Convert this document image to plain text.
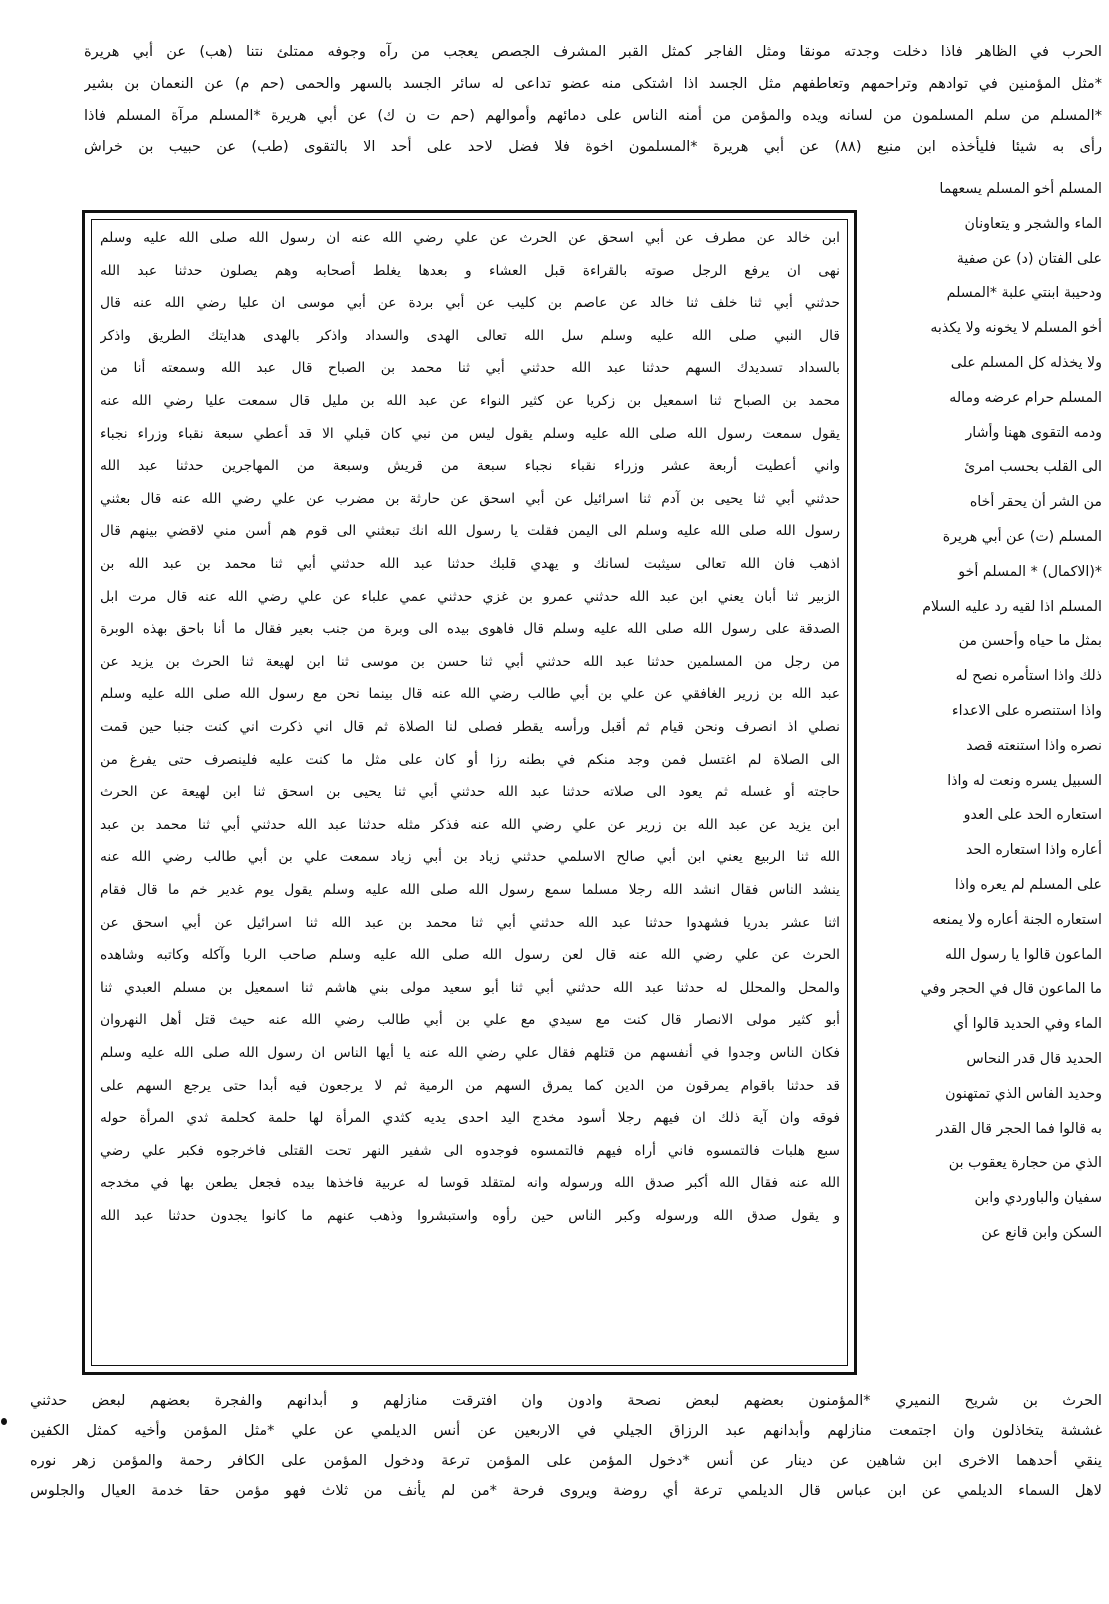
الحرب في الظاهر فاذا دخلت وجدته مونقا ومثل الفاجر كمثل القبر المشرف الجصص يعجب من رآه وجوفه ممتلئ نتنا (هب) عن أبي هريرة
*مثل المؤمنين في توادهم وتراحمهم وتعاطفهم مثل الجسد اذا اشتكى منه عضو تداعى له سائر الجسد بالسهر والحمى (حم م) عن النعمان بن بشير
*المسلم من سلم المسلمون من لسانه ويده والمؤمن من أمنه الناس على دمائهم وأموالهم (حم ت ن ك) عن أبي هريرة *المسلم مرآة المسلم فاذا
رأى به شيئا فليأخذه ابن منيع (٨٨) عن أبي هريرة *المسلمون اخوة فلا فضل لاحد على أحد الا بالتقوى (طب) عن حبيب بن خراش
ابن خالد عن مطرف عن أبي اسحق عن الحرث عن علي رضي الله عنه ان رسول الله صلى الله عليه وسلم
نهى ان يرفع الرجل صوته بالقراءة قبل العشاء و بعدها يغلط أصحابه وهم يصلون حدثنا عبد الله
حدثني أبي ثنا خلف ثنا خالد عن عاصم بن كليب عن أبي بردة عن أبي موسى ان عليا رضي الله عنه قال
قال النبي صلى الله عليه وسلم سل الله تعالى الهدى والسداد واذكر بالهدى هدايتك الطريق واذكر
بالسداد تسديدك السهم حدثنا عبد الله حدثني أبي ثنا محمد بن الصباح قال عبد الله وسمعته أنا من
محمد بن الصباح ثنا اسمعيل بن زكريا عن كثير النواء عن عبد الله بن مليل قال سمعت عليا رضي الله عنه
يقول سمعت رسول الله صلى الله عليه وسلم يقول ليس من نبي كان قبلي الا قد أعطي سبعة نقباء وزراء نجباء
واني أعطيت أربعة عشر وزراء نقباء نجباء سبعة من قريش وسبعة من المهاجرين حدثنا عبد الله
حدثني أبي ثنا يحيى بن آدم ثنا اسرائيل عن أبي اسحق عن حارثة بن مضرب عن علي رضي الله عنه قال بعثني
رسول الله صلى الله عليه وسلم الى اليمن فقلت يا رسول الله انك تبعثني الى قوم هم أسن مني لاقضي بينهم قال
اذهب فان الله تعالى سيثبت لسانك و يهدي قلبك حدثنا عبد الله حدثني أبي ثنا محمد بن عبد الله بن
الزبير ثنا أبان يعني ابن عبد الله حدثني عمرو بن غزي حدثني عمي علباء عن علي رضي الله عنه قال مرت ابل
الصدقة على رسول الله صلى الله عليه وسلم قال فاهوى بيده الى وبرة من جنب بعير فقال ما أنا باحق بهذه الوبرة
من رجل من المسلمين حدثنا عبد الله حدثني أبي ثنا حسن بن موسى ثنا ابن لهيعة ثنا الحرث بن يزيد عن
عبد الله بن زرير الغافقي عن علي بن أبي طالب رضي الله عنه قال بينما نحن مع رسول الله صلى الله عليه وسلم
نصلي اذ انصرف ونحن قيام ثم أقبل ورأسه يقطر فصلى لنا الصلاة ثم قال اني ذكرت اني كنت جنبا حين قمت
الى الصلاة لم اغتسل فمن وجد منكم في بطنه رزا أو كان على مثل ما كنت عليه فلينصرف حتى يفرغ من
حاجته أو غسله ثم يعود الى صلاته حدثنا عبد الله حدثني أبي ثنا يحيى بن اسحق ثنا ابن لهيعة عن الحرث
ابن يزيد عن عبد الله بن زرير عن علي رضي الله عنه فذكر مثله حدثنا عبد الله حدثني أبي ثنا محمد بن عبد
الله ثنا الربيع يعني ابن أبي صالح الاسلمي حدثني زياد بن أبي زياد سمعت علي بن أبي طالب رضي الله عنه
ينشد الناس فقال انشد الله رجلا مسلما سمع رسول الله صلى الله عليه وسلم يقول يوم غدير خم ما قال فقام
اثنا عشر بدريا فشهدوا حدثنا عبد الله حدثني أبي ثنا محمد بن عبد الله ثنا اسرائيل عن أبي اسحق عن
الحرث عن علي رضي الله عنه قال لعن رسول الله صلى الله عليه وسلم صاحب الربا وآكله وكاتبه وشاهده
والمحل والمحلل له حدثنا عبد الله حدثني أبي ثنا أبو سعيد مولى بني هاشم ثنا اسمعيل بن مسلم العبدي ثنا
أبو كثير مولى الانصار قال كنت مع سيدي مع علي بن أبي طالب رضي الله عنه حيث قتل أهل النهروان
فكان الناس وجدوا في أنفسهم من قتلهم فقال علي رضي الله عنه يا أيها الناس ان رسول الله صلى الله عليه وسلم
قد حدثنا باقوام يمرقون من الدين كما يمرق السهم من الرمية ثم لا يرجعون فيه أبدا حتى يرجع السهم على
فوقه وان آية ذلك ان فيهم رجلا أسود مخدج اليد احدى يديه كثدي المرأة لها حلمة كحلمة ثدي المرأة حوله
سبع هلبات فالتمسوه فاني أراه فيهم فالتمسوه فوجدوه الى شفير النهر تحت القتلى فاخرجوه فكبر علي رضي
الله عنه فقال الله أكبر صدق الله ورسوله وانه لمتقلد قوسا له عربية فاخذها بيده فجعل يطعن بها في مخدجه
و يقول صدق الله ورسوله وكبر الناس حين رأوه واستبشروا وذهب عنهم ما كانوا يجدون حدثنا عبد الله
المسلم أخو المسلم يسعهما
الماء والشجر و يتعاونان
على الفتان (د) عن صفية
ودحيبة ابنتي علبة *المسلم
أخو المسلم لا يخونه ولا يكذبه
ولا يخذله كل المسلم على
المسلم حرام عرضه وماله
ودمه التقوى ههنا وأشار
الى القلب بحسب امرئ
من الشر أن يحقر أخاه
المسلم (ت) عن أبي هريرة
*(الاكمال) * المسلم أخو
المسلم اذا لقيه رد عليه السلام
بمثل ما حياه وأحسن من
ذلك واذا استأمره نصح له
واذا استنصره على الاعداء
نصره واذا استنعته قصد
السبيل يسره ونعت له واذا
استعاره الحد على العدو
أعاره واذا استعاره الحد
على المسلم لم يعره واذا
استعاره الجنة أعاره ولا يمنعه
الماعون قالوا يا رسول الله
ما الماعون قال في الحجر وفي
الماء وفي الحديد قالوا أي
الحديد قال قدر النحاس
وحديد الفاس الذي تمتهنون
به قالوا فما الحجر قال القدر
الذي من حجارة يعقوب بن
سفيان والباوردي وابن
السكن وابن قانع عن
الحرث بن شريح النميري *المؤمنون بعضهم لبعض نصحة وادون وان افترقت منازلهم و أبدانهم والفجرة بعضهم لبعض حدثني
غششة يتخاذلون وان اجتمعت منازلهم وأبدانهم عبد الرزاق الجيلي في الاربعين عن أنس الديلمي عن علي *مثل المؤمن وأخيه كمثل الكفين
ينقي أحدهما الاخرى ابن شاهين عن دينار عن أنس *دخول المؤمن على المؤمن ترعة ودخول المؤمن على الكافر رحمة والمؤمن زهر نوره
لاهل السماء الديلمي عن ابن عباس قال الديلمي ترعة أي روضة ويروى فرحة *من لم يأنف من ثلاث فهو مؤمن حقا خدمة العيال والجلوس
